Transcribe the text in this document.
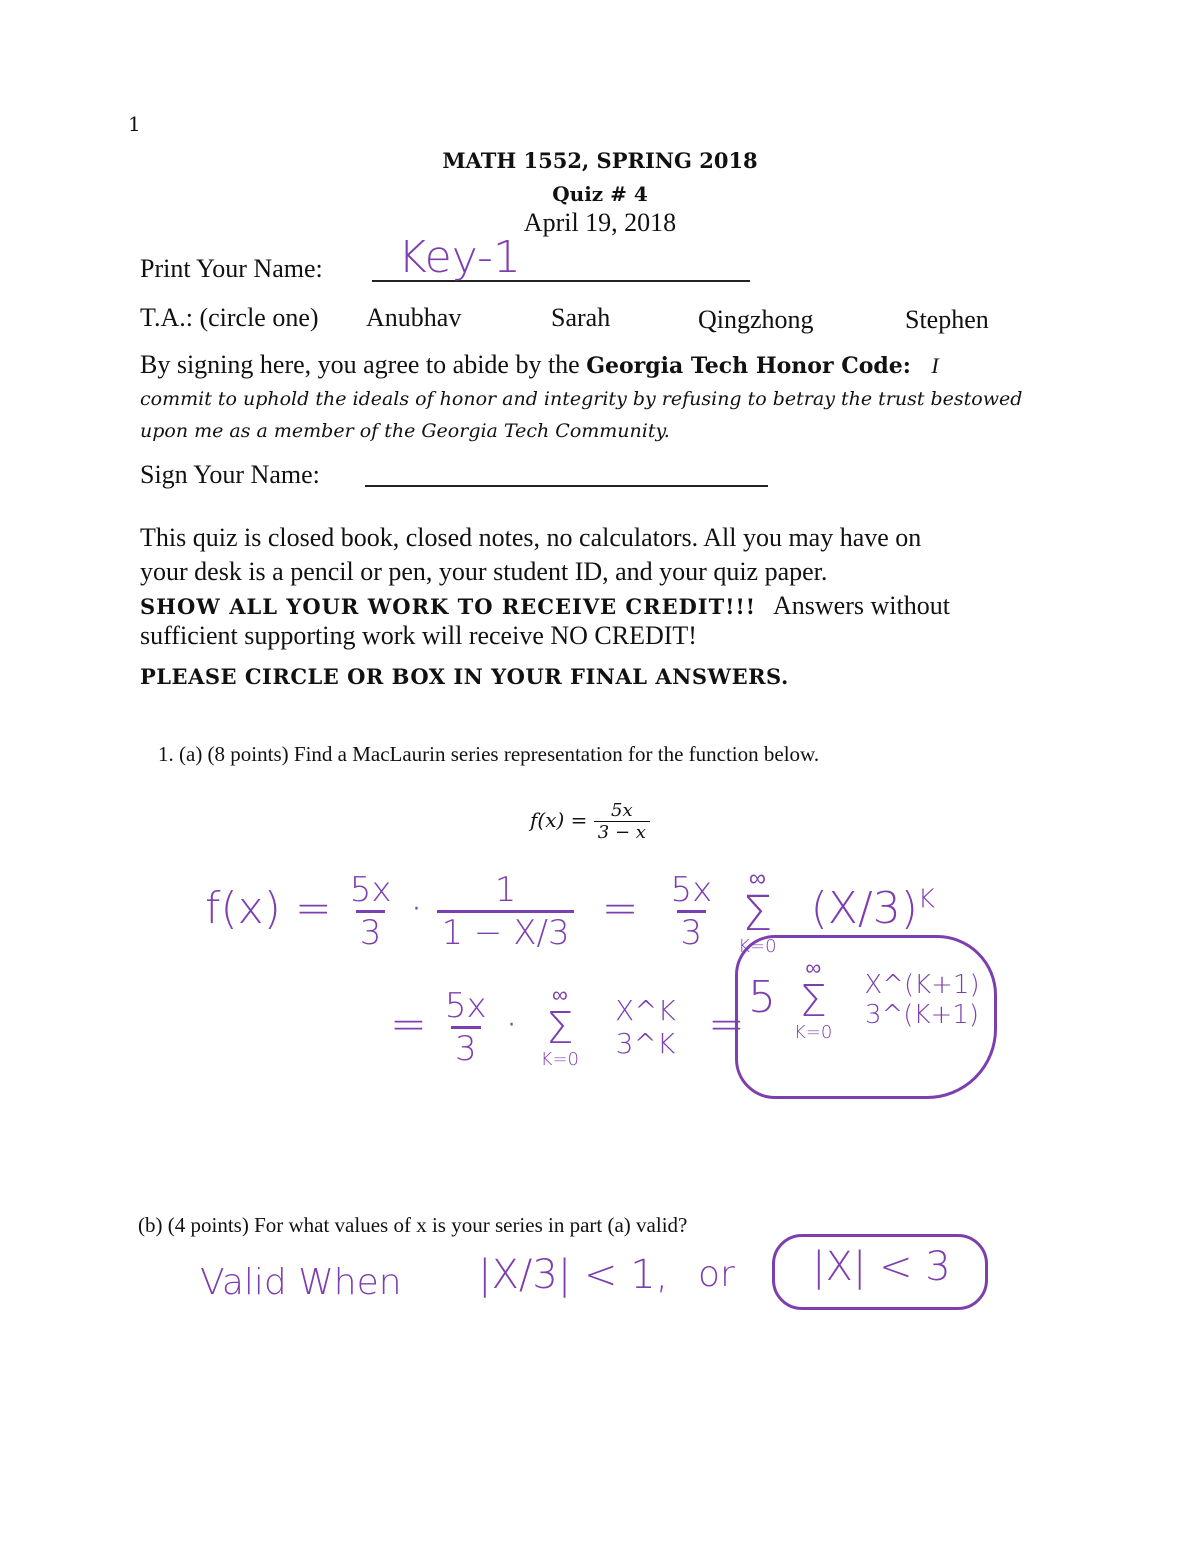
1
MATH 1552, SPRING 2018
Quiz # 4
April 19, 2018
Print Your Name: Key-1
T.A.: (circle one) Anubhav	Sarah	Qingzhong	Stephen
By signing here, you agree to abide by the Georgia Tech Honor Code: I
commit to uphold the ideals of honor and integrity by refusing to betray the trust bestowed
upon me as a member of the Georgia Tech Community.
Sign Your Name:
This quiz is closed book, closed notes, no calculators. All you may have on
your desk is a pencil or pen, your student ID, and your quiz paper.
SHOW ALL YOUR WORK TO RECEIVE CREDIT!!! Answers without
sufficient supporting work will receive NO CREDIT!
PLEASE CIRCLE OR BOX IN YOUR FINAL ANSWERS.
1. (a) (8 points) Find a MacLaurin series representation for the function below.
$f(x) = \frac{5x}{3 - x}$
$f(x) = \frac{5x}{3} \cdot \frac{1}{1 - X/3} = \frac{5x}{3}$
∞
Σ
K=0
$(X/3)^K$
= $\frac{5x}{3}$ ·
∞
Σ
K=0

X^K
3^K =
5
∞
Σ
K=0

X^(K+1)
3^(K+1)
(b) (4 points) For what values of x is your series in part (a) valid?
Valid When |X/3| < 1, or |X| < 3
